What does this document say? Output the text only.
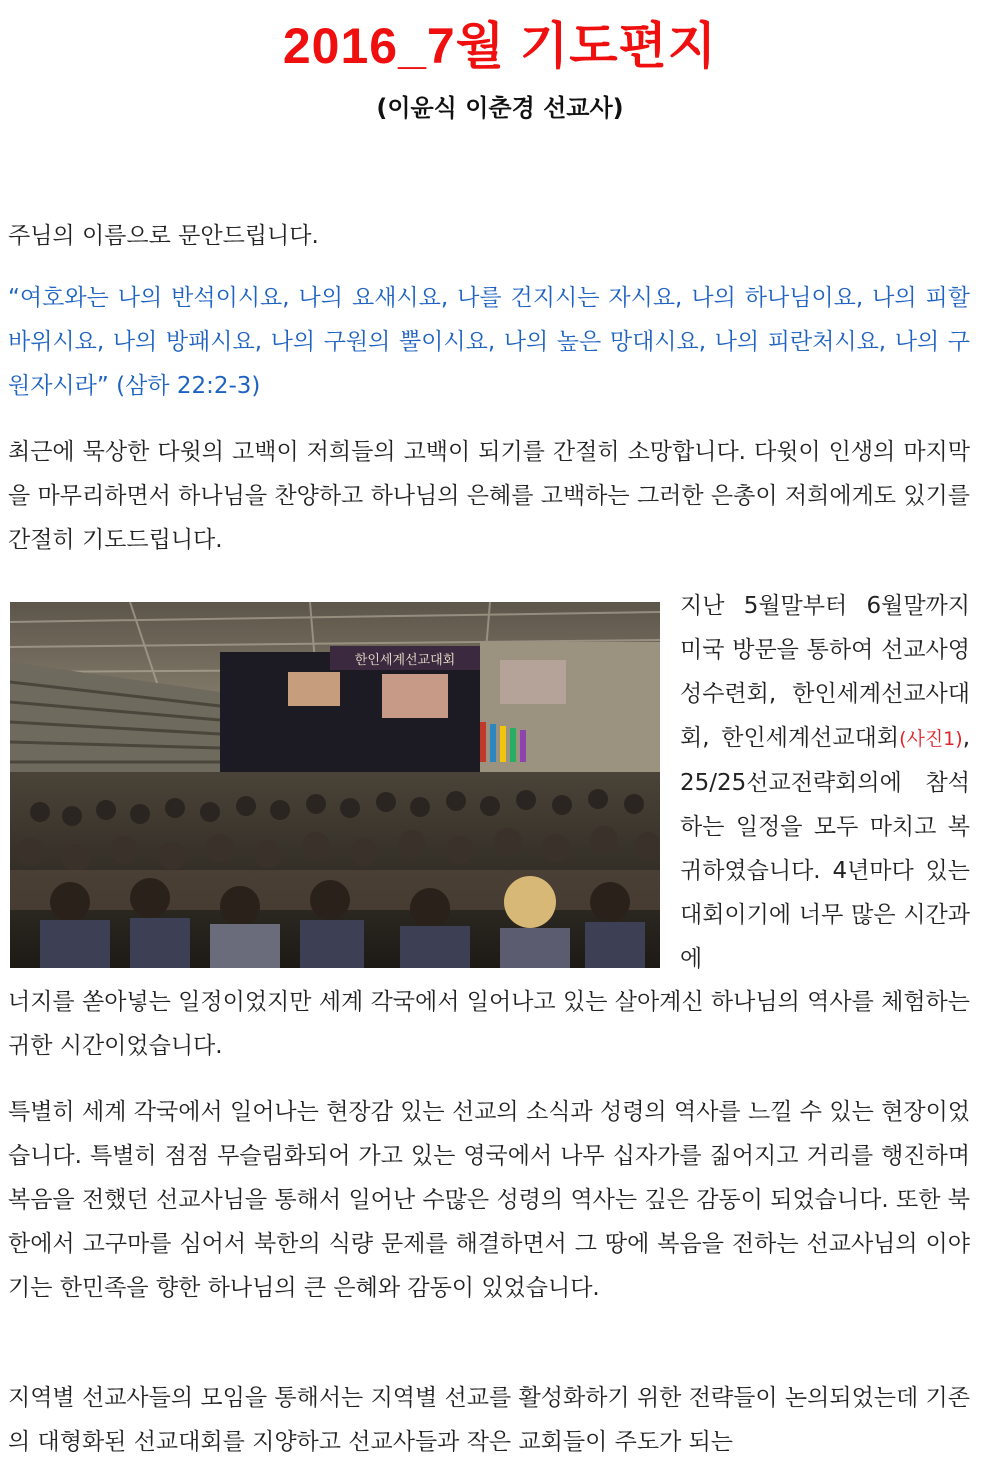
2016_7월 기도편지
(이윤식 이춘경 선교사)
주님의 이름으로 문안드립니다.
“여호와는 나의 반석이시요, 나의 요새시요, 나를 건지시는 자시요, 나의 하나님이요, 나의 피할 바위시요, 나의 방패시요, 나의 구원의 뿔이시요, 나의 높은 망대시요, 나의 피란처시요, 나의 구원자시라” (삼하 22:2-3)
최근에 묵상한 다윗의 고백이 저희들의 고백이 되기를 간절히 소망합니다. 다윗이 인생의 마지막을 마무리하면서 하나님을 찬양하고 하나님의 은혜를 고백하는 그러한 은총이 저희에게도 있기를 간절히 기도드립니다.
한인세계선교대회
지난 5월말부터 6월말까지 미국 방문을 통하여 선교사영성수련회, 한인세계선교사대회, 한인세계선교대회(사진1), 25/25선교전략회의에 참석하는 일정을 모두 마치고 복귀하였습니다. 4년마다 있는 대회이기에 너무 많은 시간과 에
너지를 쏟아넣는 일정이었지만 세계 각국에서 일어나고 있는 살아계신 하나님의 역사를 체험하는 귀한 시간이었습니다.
특별히 세계 각국에서 일어나는 현장감 있는 선교의 소식과 성령의 역사를 느낄 수 있는 현장이었습니다. 특별히 점점 무슬림화되어 가고 있는 영국에서 나무 십자가를 짊어지고 거리를 행진하며 복음을 전했던 선교사님을 통해서 일어난 수많은 성령의 역사는 깊은 감동이 되었습니다. 또한 북한에서 고구마를 심어서 북한의 식량 문제를 해결하면서 그 땅에 복음을 전하는 선교사님의 이야기는 한민족을 향한 하나님의 큰 은혜와 감동이 있었습니다.
지역별 선교사들의 모임을 통해서는 지역별 선교를 활성화하기 위한 전략들이 논의되었는데 기존의 대형화된 선교대회를 지양하고 선교사들과 작은 교회들이 주도가 되는
